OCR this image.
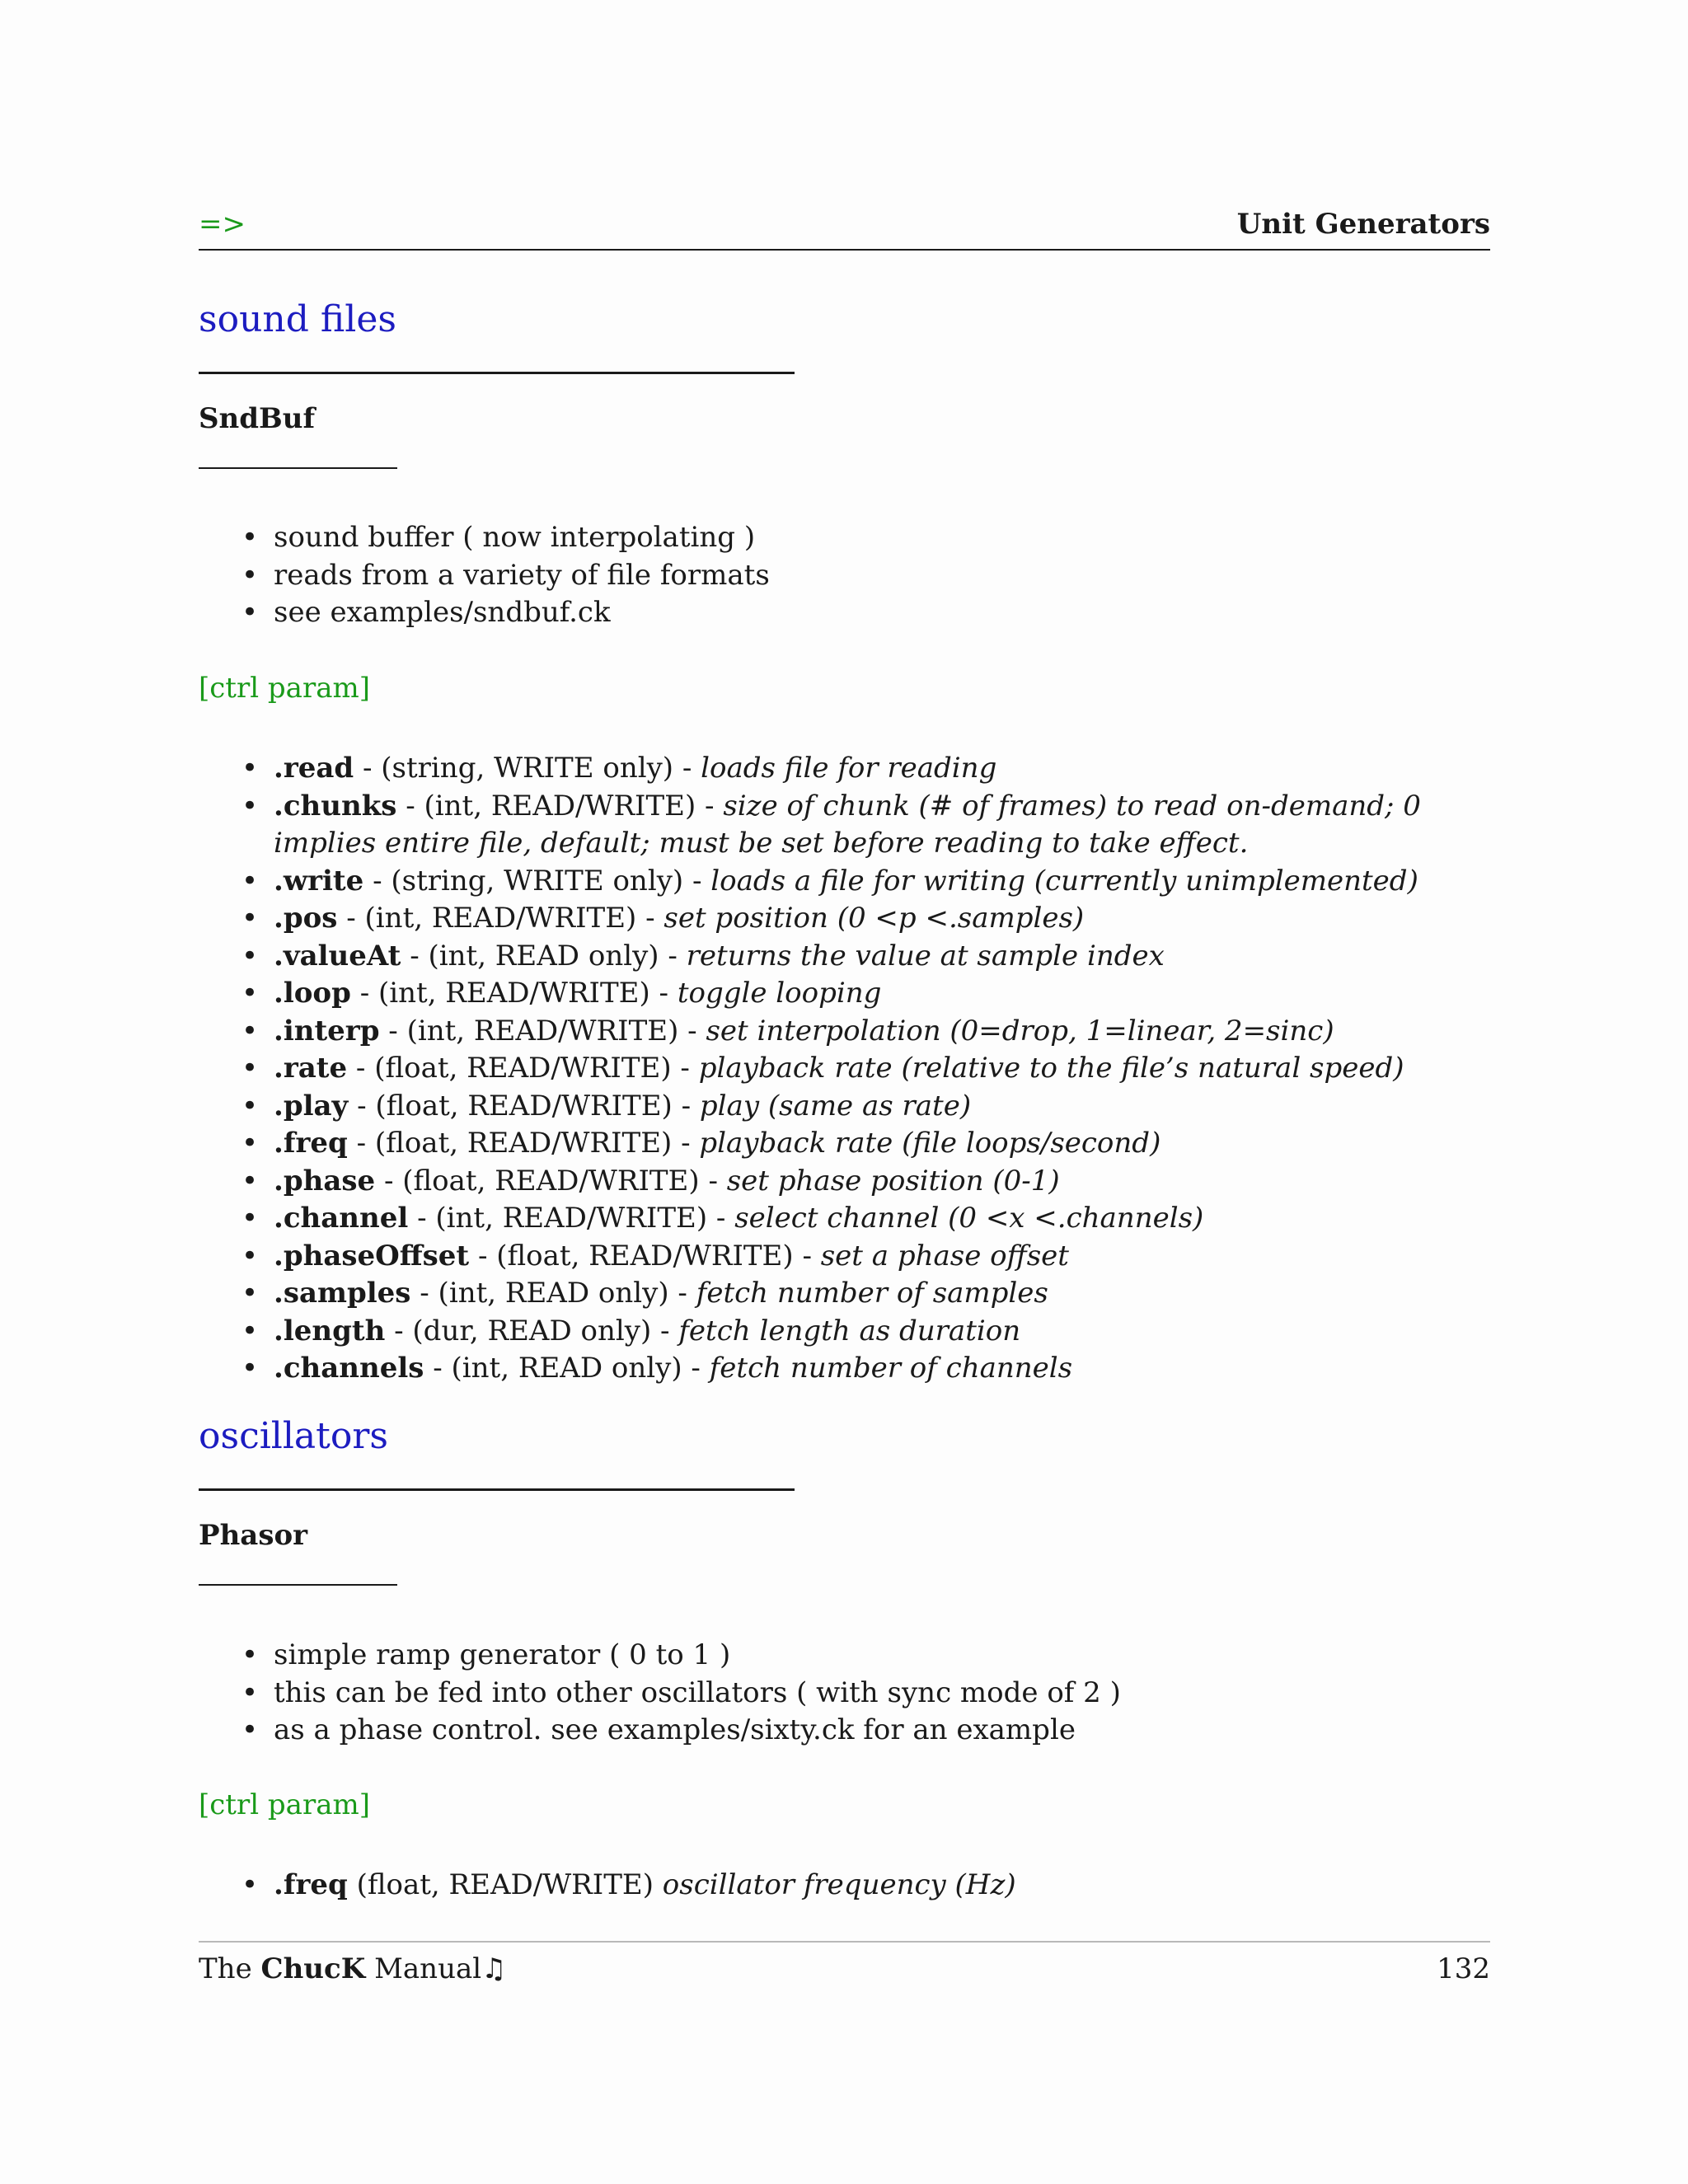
=>	Unit Generators
sound files
SndBuf
• sound buffer ( now interpolating )
• reads from a variety of file formats
• see examples/sndbuf.ck
[ctrl param]
• .read - (string, WRITE only) - loads file for reading
• .chunks - (int, READ/WRITE) - size of chunk (# of frames) to read on-demand; 0 implies entire file, default; must be set before reading to take effect.
• .write - (string, WRITE only) - loads a file for writing (currently unimplemented)
• .pos - (int, READ/WRITE) - set position (0 <p <.samples)
• .valueAt - (int, READ only) - returns the value at sample index
• .loop - (int, READ/WRITE) - toggle looping
• .interp - (int, READ/WRITE) - set interpolation (0=drop, 1=linear, 2=sinc)
• .rate - (float, READ/WRITE) - playback rate (relative to the file’s natural speed)
• .play - (float, READ/WRITE) - play (same as rate)
• .freq - (float, READ/WRITE) - playback rate (file loops/second)
• .phase - (float, READ/WRITE) - set phase position (0-1)
• .channel - (int, READ/WRITE) - select channel (0 <x <.channels)
• .phaseOffset - (float, READ/WRITE) - set a phase offset
• .samples - (int, READ only) - fetch number of samples
• .length - (dur, READ only) - fetch length as duration
• .channels - (int, READ only) - fetch number of channels
oscillators
Phasor
• simple ramp generator ( 0 to 1 )
• this can be fed into other oscillators ( with sync mode of 2 )
• as a phase control. see examples/sixty.ck for an example
[ctrl param]
• .freq (float, READ/WRITE) oscillator frequency (Hz)
The ChucK Manual♫	132
